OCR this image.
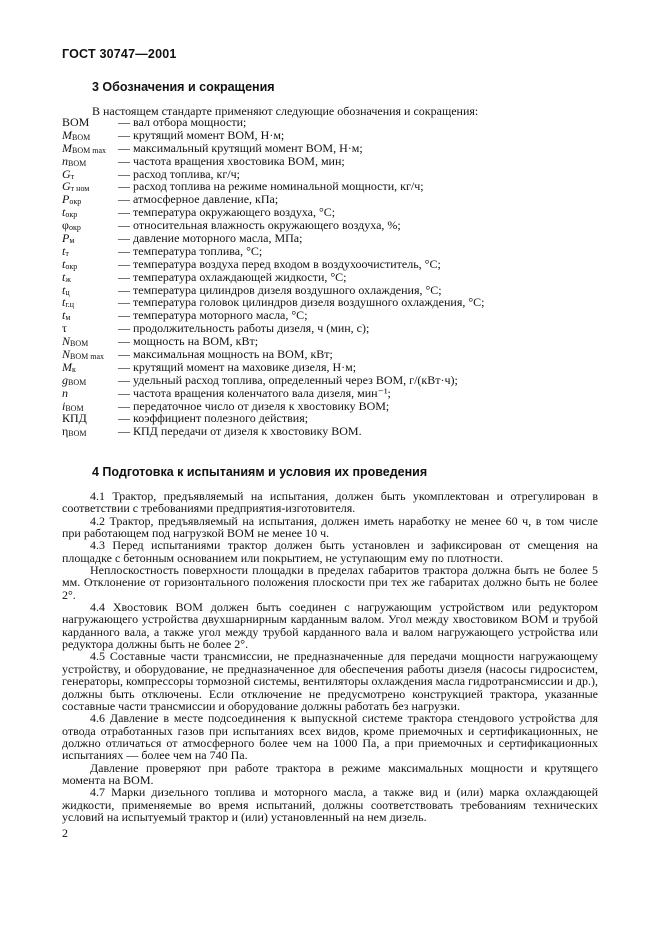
ГОСТ 30747—2001
3 Обозначения и сокращения
В настоящем стандарте применяют следующие обозначения и сокращения:
ВОМ	— вал отбора мощности;
$M_{ВОМ}$	— крутящий момент ВОМ, Н·м;
$M_{ВОМ max}$	— максимальный крутящий момент ВОМ, Н·м;
$n_{ВОМ}$	— частота вращения хвостовика ВОМ, мин;
$G_т$	— расход топлива, кг/ч;
$G_{т ном}$	— расход топлива на режиме номинальной мощности, кг/ч;
$P_{окр}$	— атмосферное давление, кПа;
$t_{окр}$	— температура окружающего воздуха, °С;
$\varphi_{окр}$	— относительная влажность окружающего воздуха, %;
$P_м$	— давление моторного масла, МПа;
$t_т$	— температура топлива, °С;
$t_{окр}$	— температура воздуха перед входом в воздухоочиститель, °С;
$t_ж$	— температура охлаждающей жидкости, °С;
$t_ц$	— температура цилиндров дизеля воздушного охлаждения, °С;
$t_{г.ц}$	— температура головок цилиндров дизеля воздушного охлаждения, °С;
$t_м$	— температура моторного масла, °С;
τ	— продолжительность работы дизеля, ч (мин, с);
$N_{ВОМ}$	— мощность на ВОМ, кВт;
$N_{ВОМ max}$	— максимальная мощность на ВОМ, кВт;
$M_к$	— крутящий момент на маховике дизеля, Н·м;
$g_{ВОМ}$	— удельный расход топлива, определенный через ВОМ, г/(кВт·ч);
n	— частота вращения коленчатого вала дизеля, мин⁻¹;
$i_{ВОМ}$	— передаточное число от дизеля к хвостовику ВОМ;
КПД	— коэффициент полезного действия;
$\eta_{ВОМ}$	— КПД передачи от дизеля к хвостовику ВОМ.
4 Подготовка к испытаниям и условия их проведения

4.1 Трактор, предъявляемый на испытания, должен быть укомплектован и отрегулирован в соответствии с требованиями предприятия-изготовителя.

4.2 Трактор, предъявляемый на испытания, должен иметь наработку не менее 60 ч, в том числе при работающем под нагрузкой ВОМ не менее 10 ч.

4.3 Перед испытаниями трактор должен быть установлен и зафиксирован от смещения на площадке с бетонным основанием или покрытием, не уступающим ему по плотности.

Неплоскостность поверхности площадки в пределах габаритов трактора должна быть не более 5 мм. Отклонение от горизонтального положения плоскости при тех же габаритах должно быть не более 2°.

4.4 Хвостовик ВОМ должен быть соединен с нагружающим устройством или редуктором нагружающего устройства двухшарнирным карданным валом. Угол между хвостовиком ВОМ и трубой карданного вала, а также угол между трубой карданного вала и валом нагружающего устройства или редуктора должны быть не более 2°.

4.5 Составные части трансмиссии, не предназначенные для передачи мощности нагружающему устройству, и оборудование, не предназначенное для обеспечения работы дизеля (насосы гидросистем, генераторы, компрессоры тормозной системы, вентиляторы охлаждения масла гидротрансмиссии и др.), должны быть отключены. Если отключение не предусмотрено конструкцией трактора, указанные составные части трансмиссии и оборудование должны работать без нагрузки.

4.6 Давление в месте подсоединения к выпускной системе трактора стендового устройства для отвода отработанных газов при испытаниях всех видов, кроме приемочных и сертификационных, не должно отличаться от атмосферного более чем на 1000 Па, а при приемочных и сертификационных испытаниях — более чем на 740 Па.

Давление проверяют при работе трактора в режиме максимальных мощности и крутящего момента на ВОМ.

4.7 Марки дизельного топлива и моторного масла, а также вид и (или) марка охлаждающей жидкости, применяемые во время испытаний, должны соответствовать требованиям технических условий на испытуемый трактор и (или) установленный на нем дизель.

2
